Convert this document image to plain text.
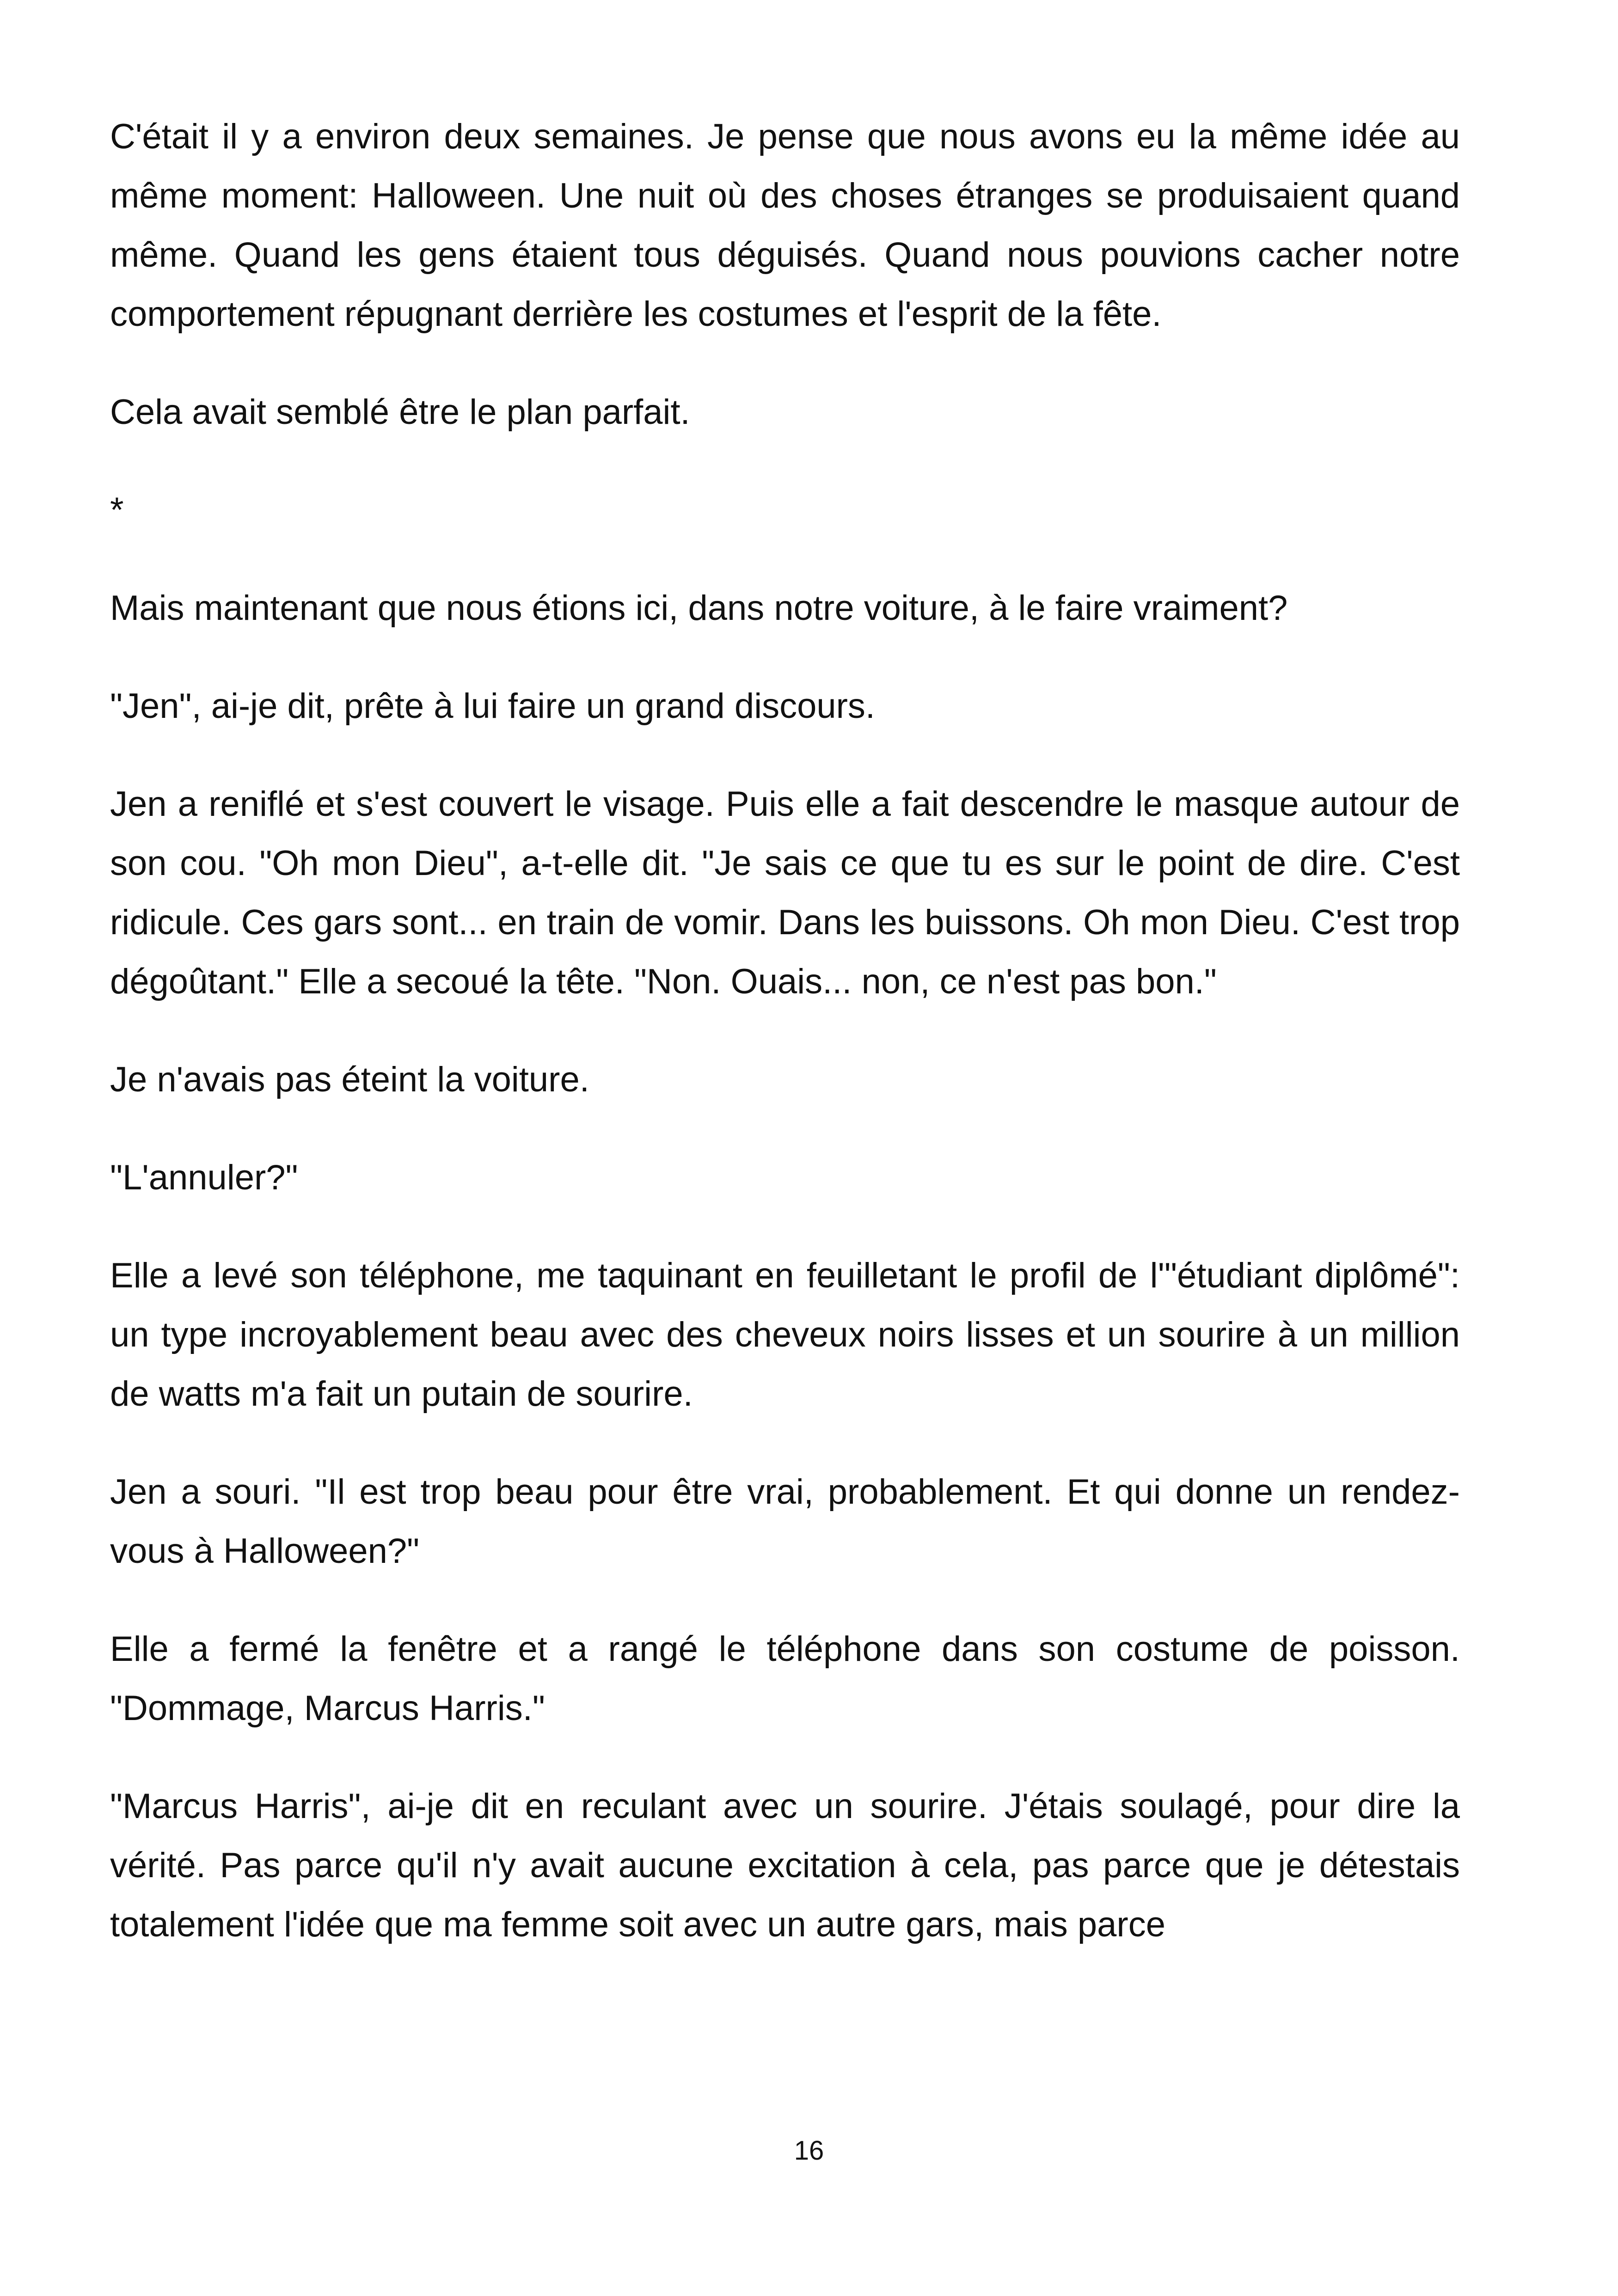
C'était il y a environ deux semaines. Je pense que nous avons eu la même idée au même moment: Halloween. Une nuit où des choses étranges se produisaient quand même. Quand les gens étaient tous déguisés. Quand nous pouvions cacher notre comportement répugnant derrière les costumes et l'esprit de la fête.

Cela avait semblé être le plan parfait.

*

Mais maintenant que nous étions ici, dans notre voiture, à le faire vraiment?

"Jen", ai-je dit, prête à lui faire un grand discours.

Jen a reniflé et s'est couvert le visage. Puis elle a fait descendre le masque autour de son cou. "Oh mon Dieu", a-t-elle dit. "Je sais ce que tu es sur le point de dire. C'est ridicule. Ces gars sont... en train de vomir. Dans les buissons. Oh mon Dieu. C'est trop dégoûtant." Elle a secoué la tête. "Non. Ouais... non, ce n'est pas bon."

Je n'avais pas éteint la voiture.

"L'annuler?"

Elle a levé son téléphone, me taquinant en feuilletant le profil de l'"étudiant diplômé": un type incroyablement beau avec des cheveux noirs lisses et un sourire à un million de watts m'a fait un putain de sourire.

Jen a souri. "Il est trop beau pour être vrai, probablement. Et qui donne un rendez-vous à Halloween?"

Elle a fermé la fenêtre et a rangé le téléphone dans son costume de poisson. "Dommage, Marcus Harris."

"Marcus Harris", ai-je dit en reculant avec un sourire. J'étais soulagé, pour dire la vérité. Pas parce qu'il n'y avait aucune excitation à cela, pas parce que je détestais totalement l'idée que ma femme soit avec un autre gars, mais parce

16
